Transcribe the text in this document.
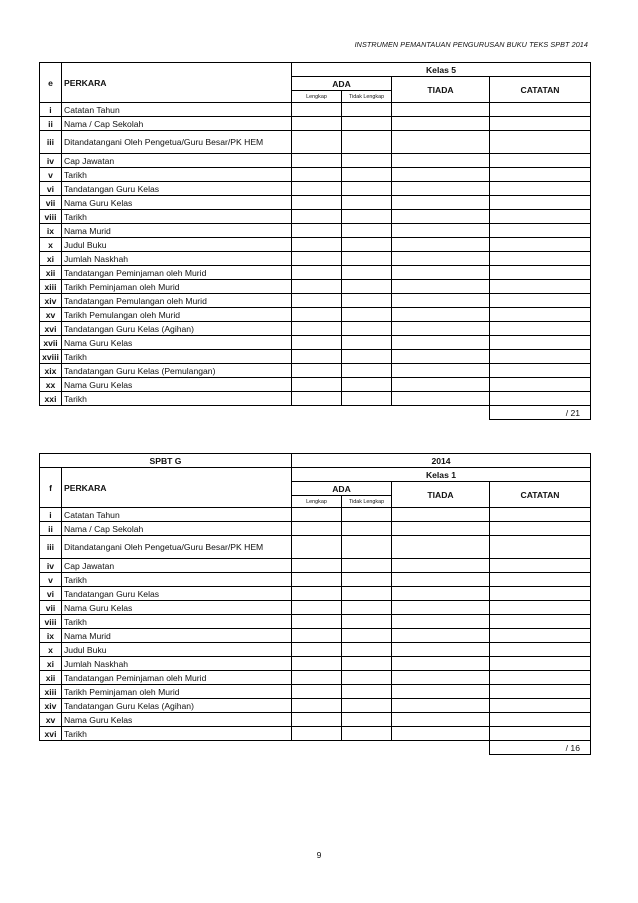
INSTRUMEN PEMANTAUAN PENGURUSAN BUKU TEKS SPBT 2014
e	PERKARA	Kelas 5			
		ADA		TIADA	CATATAN
		Lengkap	Tidak Lengkap		
i	Catatan Tahun				
ii	Nama / Cap Sekolah				
iii	Ditandatangani Oleh Pengetua/Guru Besar/PK HEM				
iv	Cap Jawatan				
v	Tarikh				
vi	Tandatangan Guru Kelas				
vii	Nama Guru Kelas				
viii	Tarikh				
ix	Nama Murid				
x	Judul Buku				
xi	Jumlah Naskhah				
xii	Tandatangan Peminjaman oleh Murid				
xiii	Tarikh Peminjaman oleh Murid				
xiv	Tandatangan Pemulangan oleh Murid				
xv	Tarikh Pemulangan oleh Murid				
xvi	Tandatangan Guru Kelas (Agihan)				
xvii	Nama Guru Kelas				
xviii	Tarikh				
xix	Tandatangan Guru Kelas (Pemulangan)				
xx	Nama Guru Kelas				
xxi	Tarikh				
					/ 21
SPBT G		2014			
f	PERKARA	Kelas 1			
		ADA		TIADA	CATATAN
		Lengkap	Tidak Lengkap		
i	Catatan Tahun				
ii	Nama / Cap Sekolah				
iii	Ditandatangani Oleh Pengetua/Guru Besar/PK HEM				
iv	Cap Jawatan				
v	Tarikh				
vi	Tandatangan Guru Kelas				
vii	Nama Guru Kelas				
viii	Tarikh				
ix	Nama Murid				
x	Judul Buku				
xi	Jumlah Naskhah				
xii	Tandatangan Peminjaman oleh Murid				
xiii	Tarikh Peminjaman oleh Murid				
xiv	Tandatangan Guru Kelas (Agihan)				
xv	Nama Guru Kelas				
xvi	Tarikh				
					/ 16
9
